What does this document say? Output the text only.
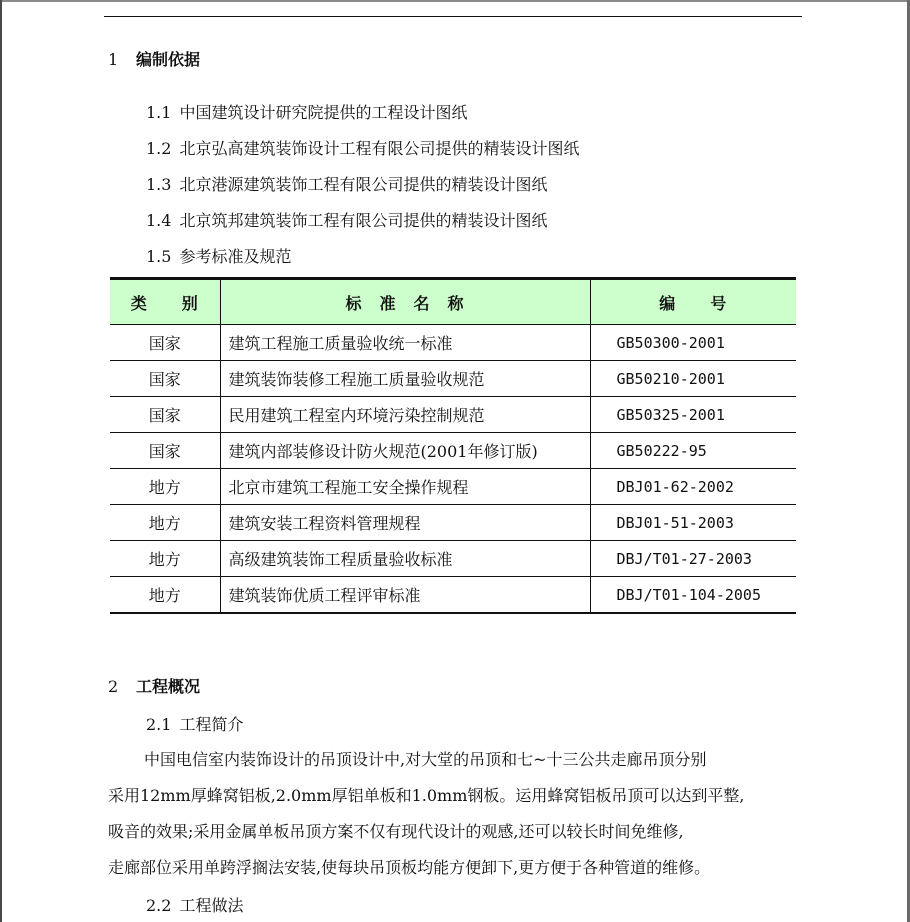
1 编制依据
1.1 中国建筑设计研究院提供的工程设计图纸
1.2 北京弘高建筑装饰设计工程有限公司提供的精装设计图纸
1.3 北京港源建筑装饰工程有限公司提供的精装设计图纸
1.4 北京筑邦建筑装饰工程有限公司提供的精装设计图纸
1.5 参考标准及规范
类　　别	标　准　名　称	编　　号
国家	建筑工程施工质量验收统一标准	GB50300-2001
国家	建筑装饰装修工程施工质量验收规范	GB50210-2001
国家	民用建筑工程室内环境污染控制规范	GB50325-2001
国家	建筑内部装修设计防火规范(2001年修订版)	GB50222-95
地方	北京市建筑工程施工安全操作规程	DBJ01-62-2002
地方	建筑安装工程资料管理规程	DBJ01-51-2003
地方	高级建筑装饰工程质量验收标准	DBJ/T01-27-2003
地方	建筑装饰优质工程评审标准	DBJ/T01-104-2005
2 工程概况
2.1 工程简介

中国电信室内装饰设计的吊顶设计中,对大堂的吊顶和七~十三公共走廊吊顶分别

采用12mm厚蜂窝铝板,2.0mm厚铝单板和1.0mm钢板。运用蜂窝铝板吊顶可以达到平整,

吸音的效果;采用金属单板吊顶方案不仅有现代设计的观感,还可以较长时间免维修,

走廊部位采用单跨浮搁法安装,使每块吊顶板均能方便卸下,更方便于各种管道的维修。

2.2 工程做法
